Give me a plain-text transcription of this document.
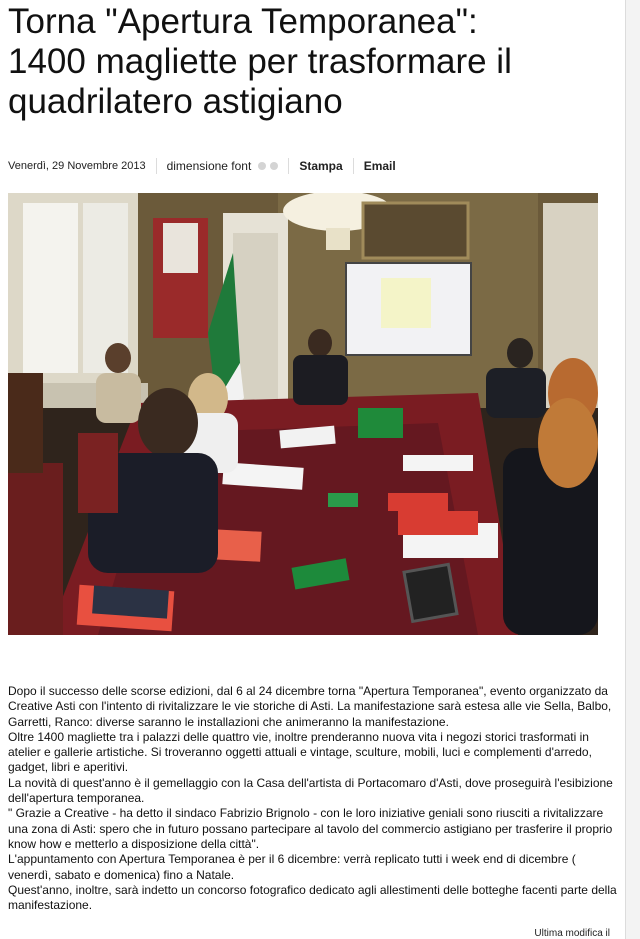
Torna "Apertura Temporanea":
1400 magliette per trasformare il
quadrilatero astigiano
Venerdì, 29 Novembre 2013 dimensione font	Stampa Email

Dopo il successo delle scorse edizioni, dal 6 al 24 dicembre torna "Apertura Temporanea", evento organizzato da Creative Asti con l'intento di rivitalizzare le vie storiche di Asti. La manifestazione sarà estesa alle vie Sella, Balbo, Garretti, Ranco: diverse saranno le installazioni che animeranno la manifestazione.

Oltre 1400 magliette tra i palazzi delle quattro vie, inoltre prenderanno nuova vita i negozi storici trasformati in atelier e gallerie artistiche. Si troveranno oggetti attuali e vintage, sculture, mobili, luci e complementi d'arredo, gadget, libri e aperitivi.

La novità di quest'anno è il gemellaggio con la Casa dell'artista di Portacomaro d'Asti, dove proseguirà l'esibizione dell'apertura temporanea.

" Grazie a Creative - ha detto il sindaco Fabrizio Brignolo - con le loro iniziative geniali sono riusciti a rivitalizzare una zona di Asti: spero che in futuro possano partecipare al tavolo del commercio astigiano per trasferire il proprio know how e metterlo a disposizione della città".

L'appuntamento con Apertura Temporanea è per il 6 dicembre: verrà replicato tutti i week end di dicembre ( venerdì, sabato e domenica) fino a Natale.

Quest'anno, inoltre, sarà indetto un concorso fotografico dedicato agli allestimenti delle botteghe facenti parte della manifestazione.

Ultima modifica il
